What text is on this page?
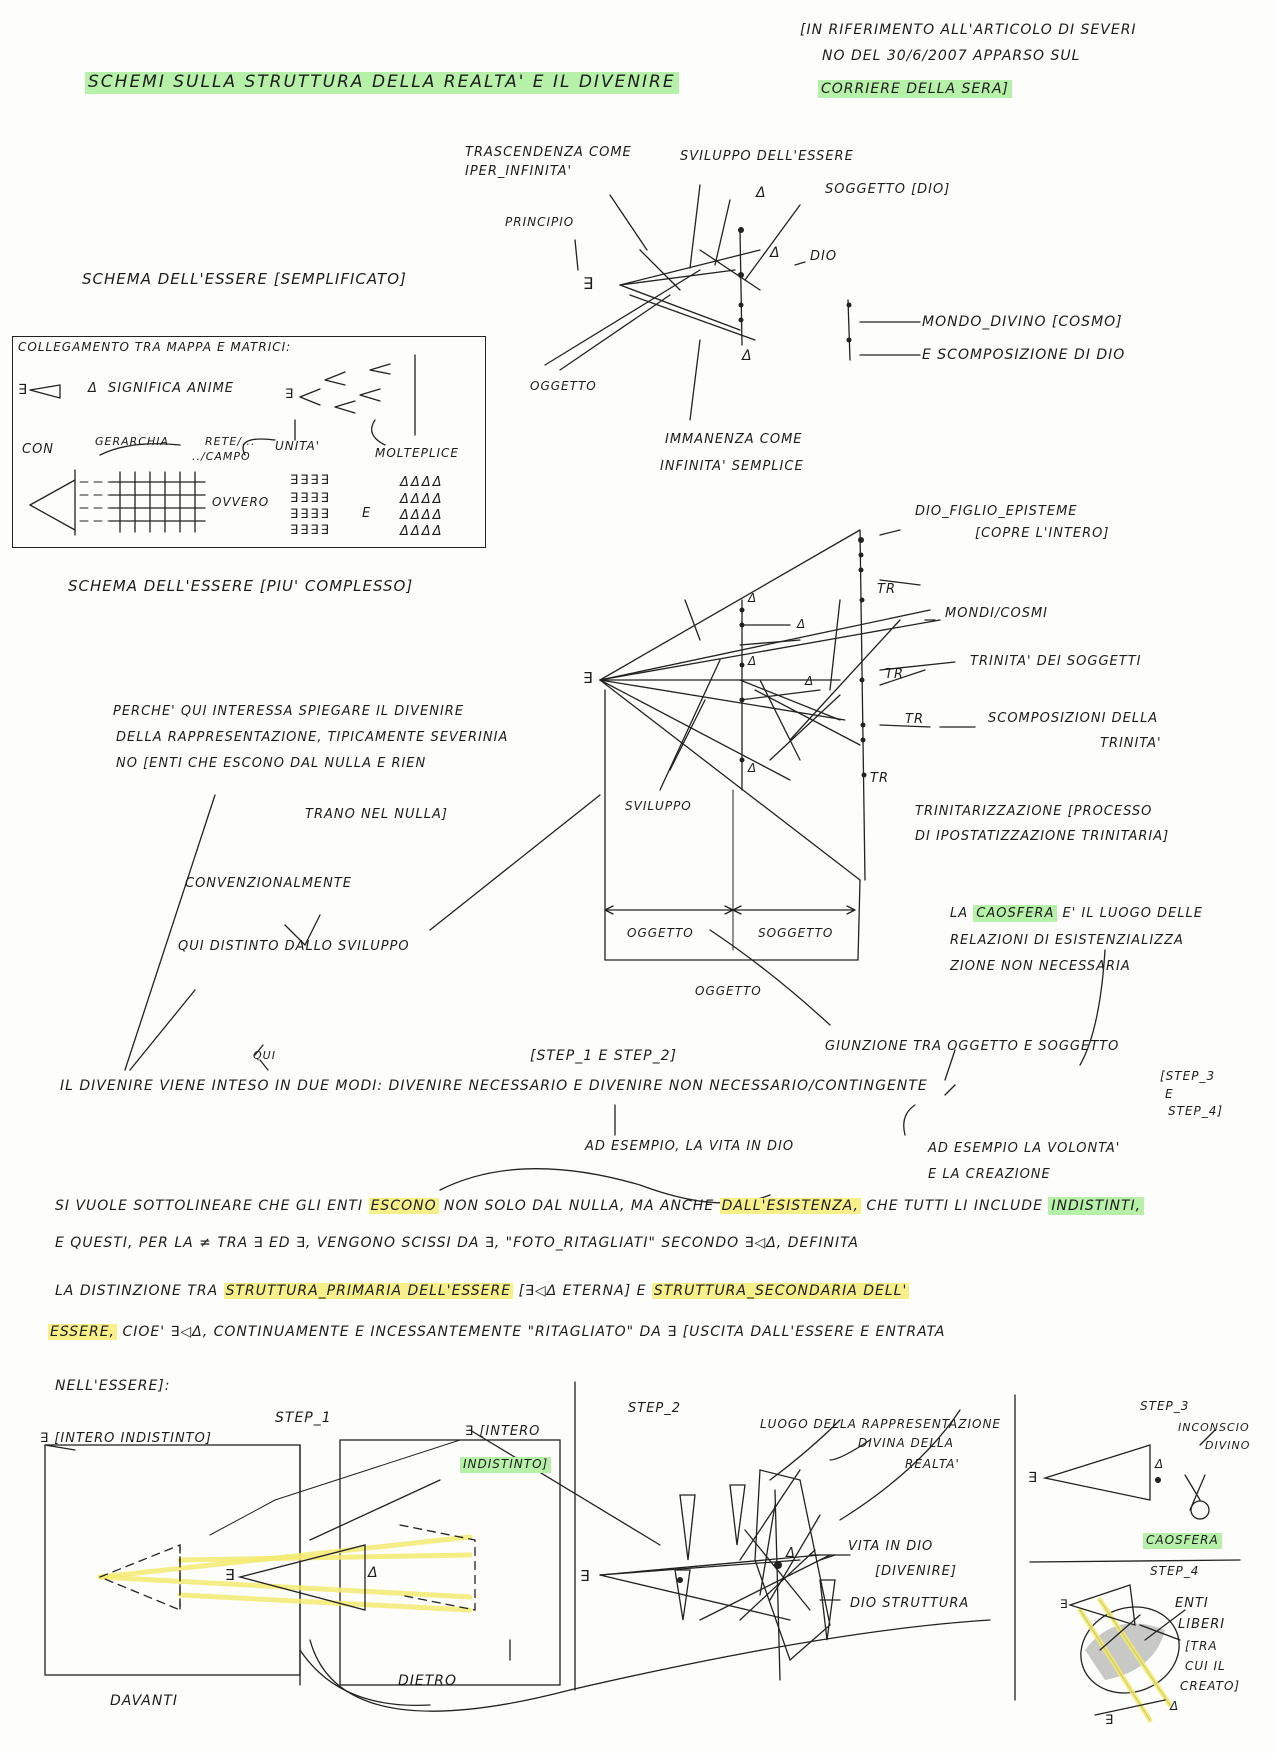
[IN RIFERIMENTO ALL'ARTICOLO DI SEVERI
NO DEL 30/6/2007 APPARSO SUL
CORRIERE DELLA SERA]
SCHEMI SULLA STRUTTURA DELLA REALTA' E IL DIVENIRE
TRASCENDENZA COME
IPER_INFINITA'
SVILUPPO DELL'ESSERE
SOGGETTO [DIO]
Δ
PRINCIPIO
∃
Δ DIO
Δ
MONDO_DIVINO [COSMO]
E SCOMPOSIZIONE DI DIO
OGGETTO
IMMANENZA COME
INFINITA' SEMPLICE
SCHEMA DELL'ESSERE [SEMPLIFICATO]
COLLEGAMENTO TRA MAPPA E MATRICI:
∃	Δ SIGNIFICA ANIME	∃
CON
GERARCHIA	RETE/...
../CAMPO
UNITA'	MOLTEPLICE
OVVERO
∃∃∃∃
∃∃∃∃
∃∃∃∃
∃∃∃∃
E
ΔΔΔΔ
ΔΔΔΔ
ΔΔΔΔ
ΔΔΔΔ
SCHEMA DELL'ESSERE [PIU' COMPLESSO]
DIO_FIGLIO_EPISTEME
[COPRE L'INTERO]
MONDI/COSMI
TRINITA' DEI SOGGETTI
SCOMPOSIZIONI DELLA
TRINITA'
TRINITARIZZAZIONE [PROCESSO
DI IPOSTATIZZAZIONE TRINITARIA]
TR
TR
TR
TR
∃
Δ
Δ
Δ
Δ
Δ
SVILUPPO
OGGETTO	SOGGETTO
OGGETTO
GIUNZIONE TRA OGGETTO E SOGGETTO
PERCHE' QUI INTERESSA SPIEGARE IL DIVENIRE
DELLA RAPPRESENTAZIONE, TIPICAMENTE SEVERINIA
NO [ENTI CHE ESCONO DAL NULLA E RIEN
TRANO NEL NULLA]
CONVENZIONALMENTE
QUI DISTINTO DALLO SVILUPPO
LA CAOSFERA E' IL LUOGO DELLE
RELAZIONI DI ESISTENZIALIZZA
ZIONE NON NECESSARIA
[STEP_1 E STEP_2]
QUI
IL DIVENIRE VIENE INTESO IN DUE MODI: DIVENIRE NECESSARIO E DIVENIRE NON NECESSARIO/CONTINGENTE
[STEP_3
E
STEP_4]
AD ESEMPIO, LA VITA IN DIO	AD ESEMPIO LA VOLONTA'
E LA CREAZIONE
SI VUOLE SOTTOLINEARE CHE GLI ENTI ESCONO NON SOLO DAL NULLA, MA ANCHE DALL'ESISTENZA, CHE TUTTI LI INCLUDE INDISTINTI,
E QUESTI, PER LA ≠ TRA ∃ ED ∃, VENGONO SCISSI DA ∃, "FOTO_RITAGLIATI" SECONDO ∃◁Δ, DEFINITA
LA DISTINZIONE TRA STRUTTURA_PRIMARIA DELL'ESSERE [∃◁Δ ETERNA] E STRUTTURA_SECONDARIA DELL'
ESSERE, CIOE' ∃◁Δ, CONTINUAMENTE E INCESSANTEMENTE "RITAGLIATO" DA ∃ [USCITA DALL'ESSERE E ENTRATA
NELL'ESSERE]:
STEP_1
∃ [INTERO INDISTINTO]	∃ [INTERO
INDISTINTO]
∃	Δ
DAVANTI
DIETRO
STEP_2
LUOGO DELLA RAPPRESENTAZIONE
DIVINA DELLA
REALTA'
∃
Δ	VITA IN DIO
[DIVENIRE]
DIO STRUTTURA
STEP_3
INCONSCIO
DIVINO
∃
Δ
CAOSFERA
STEP_4
∃	ENTI
LIBERI
[TRA
CUI IL
CREATO]
∃
Δ
